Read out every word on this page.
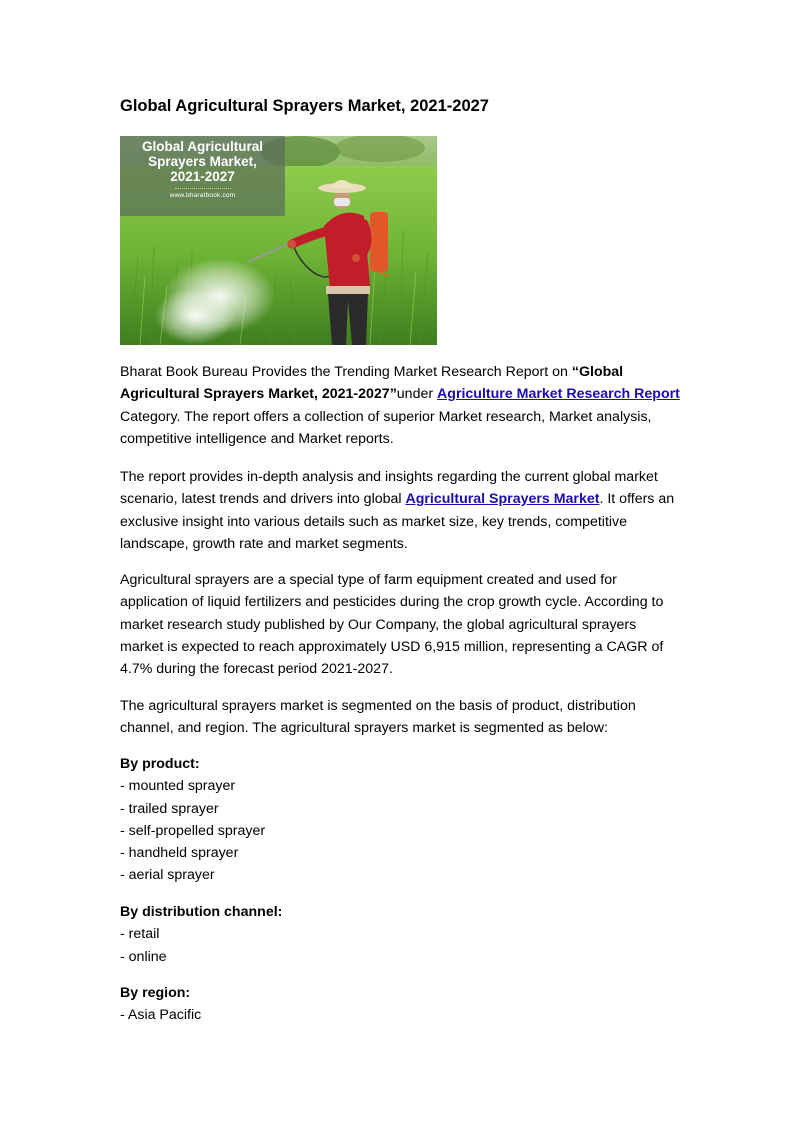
Global Agricultural Sprayers Market, 2021-2027
Global Agricultural
Sprayers Market,
2021-2027
www.bharatbook.com

Bharat Book Bureau Provides the Trending Market Research Report on “Global Agricultural Sprayers Market, 2021-2027”under Agriculture Market Research Report Category. The report offers a collection of superior Market research, Market analysis, competitive intelligence and Market reports.

The report provides in-depth analysis and insights regarding the current global market scenario, latest trends and drivers into global Agricultural Sprayers Market. It offers an exclusive insight into various details such as market size, key trends, competitive landscape, growth rate and market segments.

Agricultural sprayers are a special type of farm equipment created and used for application of liquid fertilizers and pesticides during the crop growth cycle. According to market research study published by Our Company, the global agricultural sprayers market is expected to reach approximately USD 6,915 million, representing a CAGR of 4.7% during the forecast period 2021-2027.

The agricultural sprayers market is segmented on the basis of product, distribution channel, and region. The agricultural sprayers market is segmented as below:

By product:
- mounted sprayer
- trailed sprayer
- self-propelled sprayer
- handheld sprayer
- aerial sprayer
By distribution channel:
- retail
- online
By region:
- Asia Pacific
